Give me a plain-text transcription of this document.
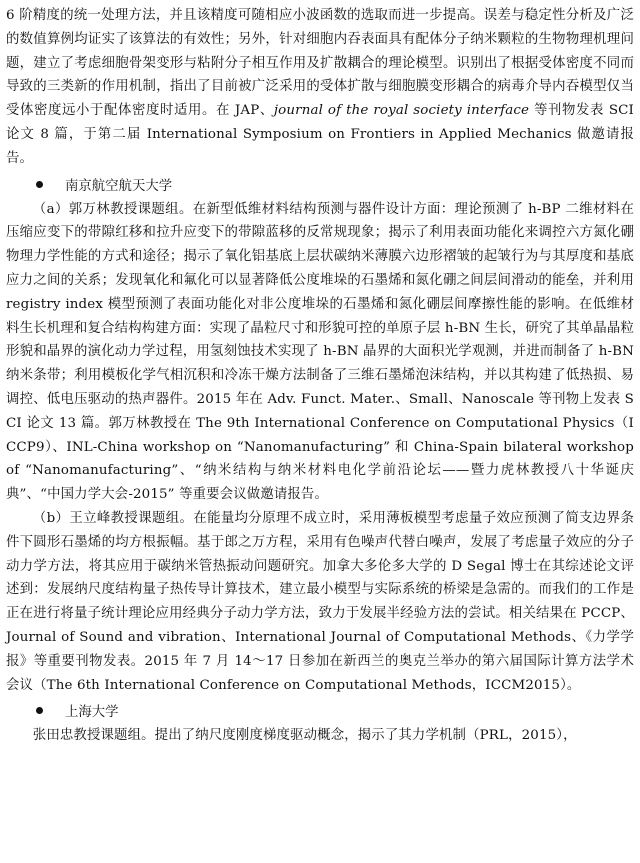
6 阶精度的统一处理方法，并且该精度可随相应小波函数的选取而进一步提高。误差与稳定性分析及广泛的数值算例均证实了该算法的有效性；另外，针对细胞内吞表面具有配体分子纳米颗粒的生物物理机理问题，建立了考虑细胞骨架变形与粘附分子相互作用及扩散耦合的理论模型。识别出了根据受体密度不同而导致的三类新的作用机制，指出了目前被广泛采用的受体扩散与细胞膜变形耦合的病毒介导内吞模型仅当受体密度远小于配体密度时适用。在 JAP、journal of the royal society interface 等刊物发表 SCI 论文 8 篇，于第二届 International Symposium on Frontiers in Applied Mechanics 做邀请报告。

南京航空航天大学

（a）郭万林教授课题组。在新型低维材料结构预测与器件设计方面：理论预测了 h-BP 二维材料在压缩应变下的带隙红移和拉升应变下的带隙蓝移的反常规现象；揭示了利用表面功能化来调控六方氮化硼物理力学性能的方式和途径；揭示了氧化铝基底上层状碳纳米薄膜六边形褶皱的起皱行为与其厚度和基底应力之间的关系；发现氧化和氟化可以显著降低公度堆垛的石墨烯和氮化硼之间层间滑动的能垒，并利用 registry index 模型预测了表面功能化对非公度堆垛的石墨烯和氮化硼层间摩擦性能的影响。在低维材料生长机理和复合结构构建方面：实现了晶粒尺寸和形貌可控的单原子层 h-BN 生长，研究了其单晶晶粒形貌和晶界的演化动力学过程，用氢刻蚀技术实现了 h-BN 晶界的大面积光学观测，并进而制备了 h-BN 纳米条带；利用模板化学气相沉积和冷冻干燥方法制备了三维石墨烯泡沫结构，并以其构建了低热损、易调控、低电压驱动的热声器件。2015 年在 Adv. Funct. Mater.、Small、Nanoscale 等刊物上发表 SCI 论文 13 篇。郭万林教授在 The 9th International Conference on Computational Physics（ICCP9）、INL-China workshop on “Nanomanufacturing” 和 China-Spain bilateral workshop of “Nanomanufacturing”、“纳米结构与纳米材料电化学前沿论坛——暨力虎林教授八十华诞庆典”、“中国力学大会-2015” 等重要会议做邀请报告。

（b）王立峰教授课题组。在能量均分原理不成立时，采用薄板模型考虑量子效应预测了简支边界条件下圆形石墨烯的均方根振幅。基于郎之万方程，采用有色噪声代替白噪声，发展了考虑量子效应的分子动力学方法，将其应用于碳纳米管热振动问题研究。加拿大多伦多大学的 D Segal 博士在其综述论文评述到：发展纳尺度结构量子热传导计算技术，建立最小模型与实际系统的桥梁是急需的。而我们的工作是正在进行将量子统计理论应用经典分子动力学方法，致力于发展半经验方法的尝试。相关结果在 PCCP、Journal of Sound and vibration、International Journal of Computational Methods、《力学学报》等重要刊物发表。2015 年 7 月 14～17 日参加在新西兰的奥克兰举办的第六届国际计算方法学术会议（The 6th International Conference on Computational Methods，ICCM2015）。

上海大学

张田忠教授课题组。提出了纳尺度刚度梯度驱动概念，揭示了其力学机制（PRL，2015），
